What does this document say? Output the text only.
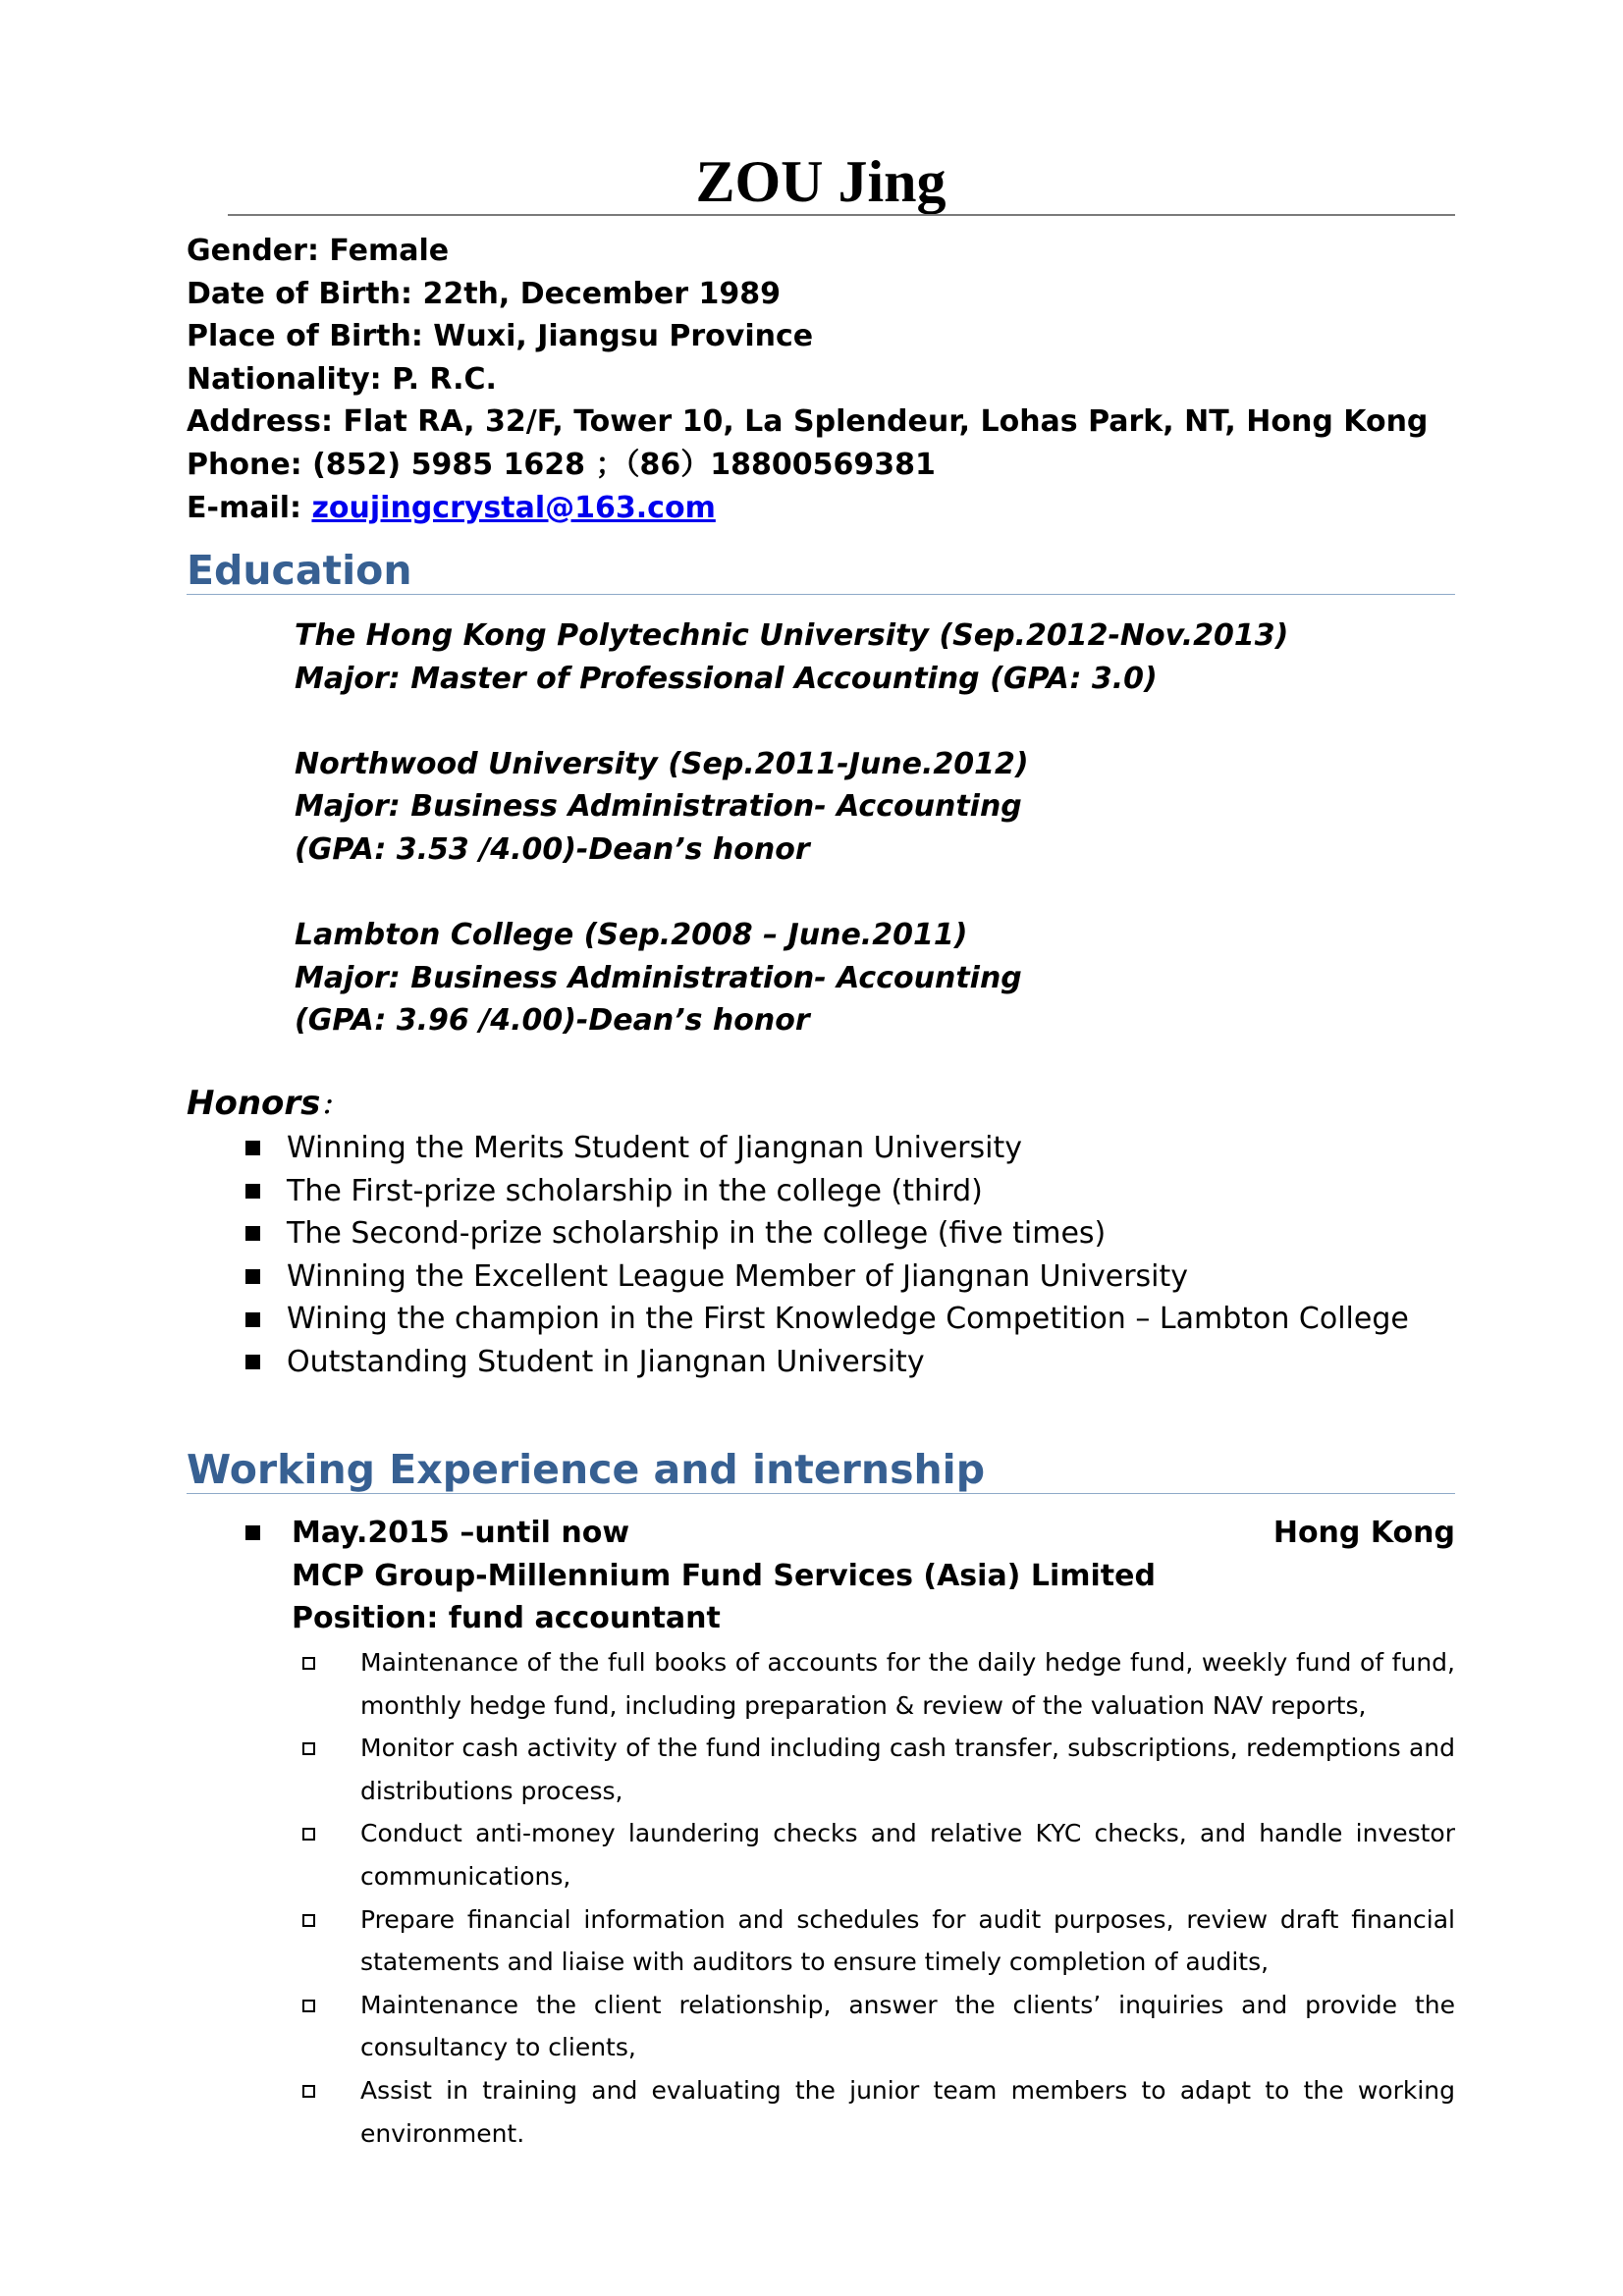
ZOU Jing
Gender: Female
Date of Birth: 22th, December 1989
Place of Birth: Wuxi, Jiangsu Province
Nationality: P. R.C.
Address: Flat RA, 32/F, Tower 10, La Splendeur, Lohas Park, NT, Hong Kong
Phone: (852) 5985 1628 ；（86）18800569381
E-mail: zoujingcrystal@163.com
Education
The Hong Kong Polytechnic University (Sep.2012-Nov.2013)
Major: Master of Professional Accounting (GPA: 3.0)
Northwood University (Sep.2011-June.2012)
Major: Business Administration- Accounting
(GPA: 3.53 /4.00)-Dean’s honor
Lambton College (Sep.2008 – June.2011)
Major: Business Administration- Accounting
(GPA: 3.96 /4.00)-Dean’s honor
Honors：
Winning the Merits Student of Jiangnan University
The First-prize scholarship in the college (third)
The Second-prize scholarship in the college (five times)
Winning the Excellent League Member of Jiangnan University
Wining the champion in the First Knowledge Competition – Lambton College
Outstanding Student in Jiangnan University
Working Experience and internship
May.2015 –until now	Hong Kong
MCP Group-Millennium Fund Services (Asia) Limited
Position: fund accountant
Maintenance of the full books of accounts for the daily hedge fund, weekly fund of fund, monthly hedge fund, including preparation & review of the valuation NAV reports,
Monitor cash activity of the fund including cash transfer, subscriptions, redemptions and distributions process,
Conduct anti-money laundering checks and relative KYC checks, and handle investor communications,
Prepare financial information and schedules for audit purposes, review draft financial statements and liaise with auditors to ensure timely completion of audits,
Maintenance the client relationship, answer the clients’ inquiries and provide the consultancy to clients,
Assist in training and evaluating the junior team members to adapt to the working environment.
